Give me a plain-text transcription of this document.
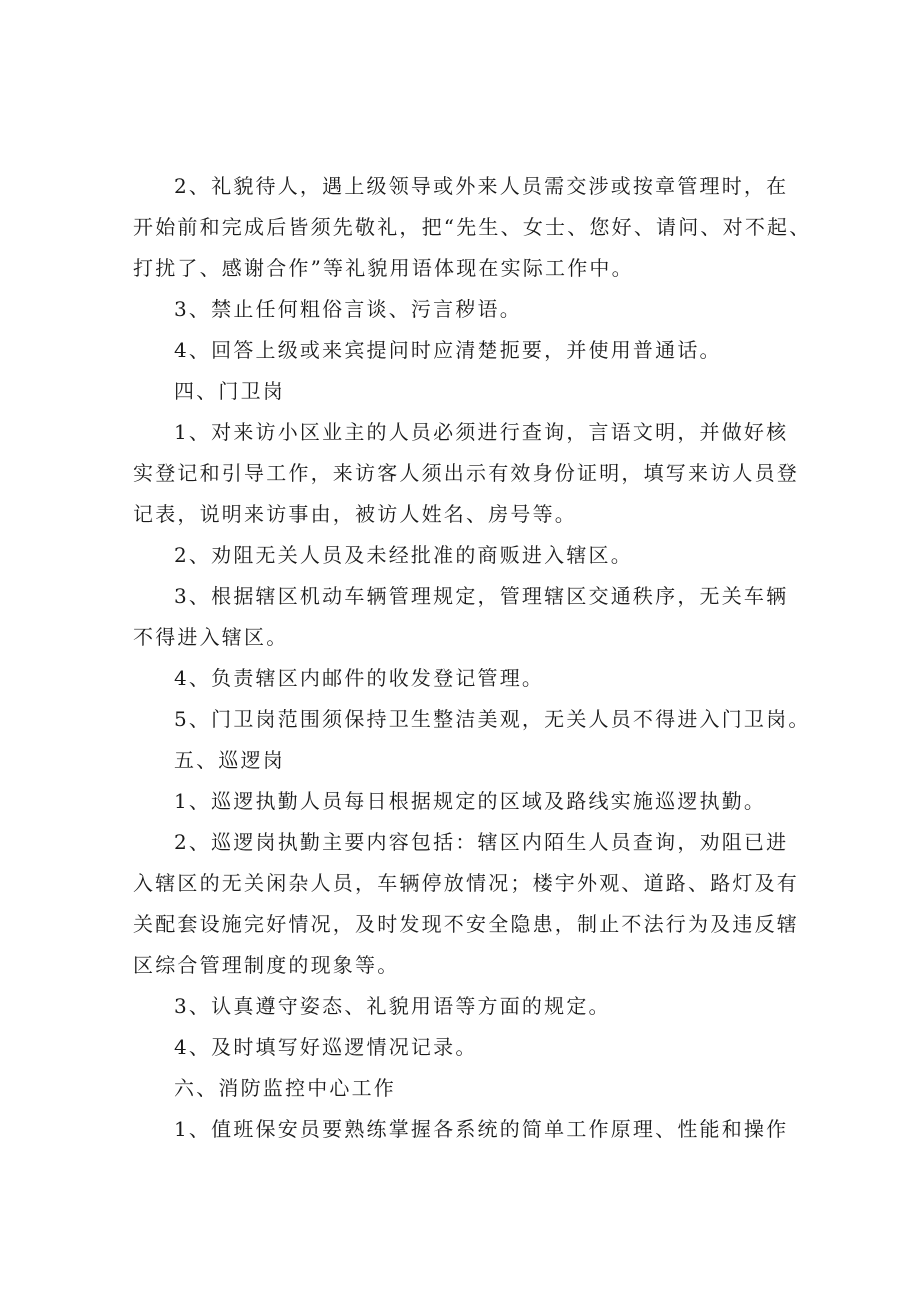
2、礼貌待人，遇上级领导或外来人员需交涉或按章管理时，在
开始前和完成后皆须先敬礼，把“先生、女士、您好、请问、对不起、
打扰了、感谢合作”等礼貌用语体现在实际工作中。
3、禁止任何粗俗言谈、污言秽语。
4、回答上级或来宾提问时应清楚扼要，并使用普通话。
四、门卫岗
1、对来访小区业主的人员必须进行查询，言语文明，并做好核
实登记和引导工作，来访客人须出示有效身份证明，填写来访人员登
记表，说明来访事由，被访人姓名、房号等。
2、劝阻无关人员及未经批准的商贩进入辖区。
3、根据辖区机动车辆管理规定，管理辖区交通秩序，无关车辆
不得进入辖区。
4、负责辖区内邮件的收发登记管理。
5、门卫岗范围须保持卫生整洁美观，无关人员不得进入门卫岗。
五、巡逻岗
1、巡逻执勤人员每日根据规定的区域及路线实施巡逻执勤。
2、巡逻岗执勤主要内容包括：辖区内陌生人员查询，劝阻已进
入辖区的无关闲杂人员，车辆停放情况；楼宇外观、道路、路灯及有
关配套设施完好情况，及时发现不安全隐患，制止不法行为及违反辖
区综合管理制度的现象等。
3、认真遵守姿态、礼貌用语等方面的规定。
4、及时填写好巡逻情况记录。
六、消防监控中心工作
1、值班保安员要熟练掌握各系统的简单工作原理、性能和操作
